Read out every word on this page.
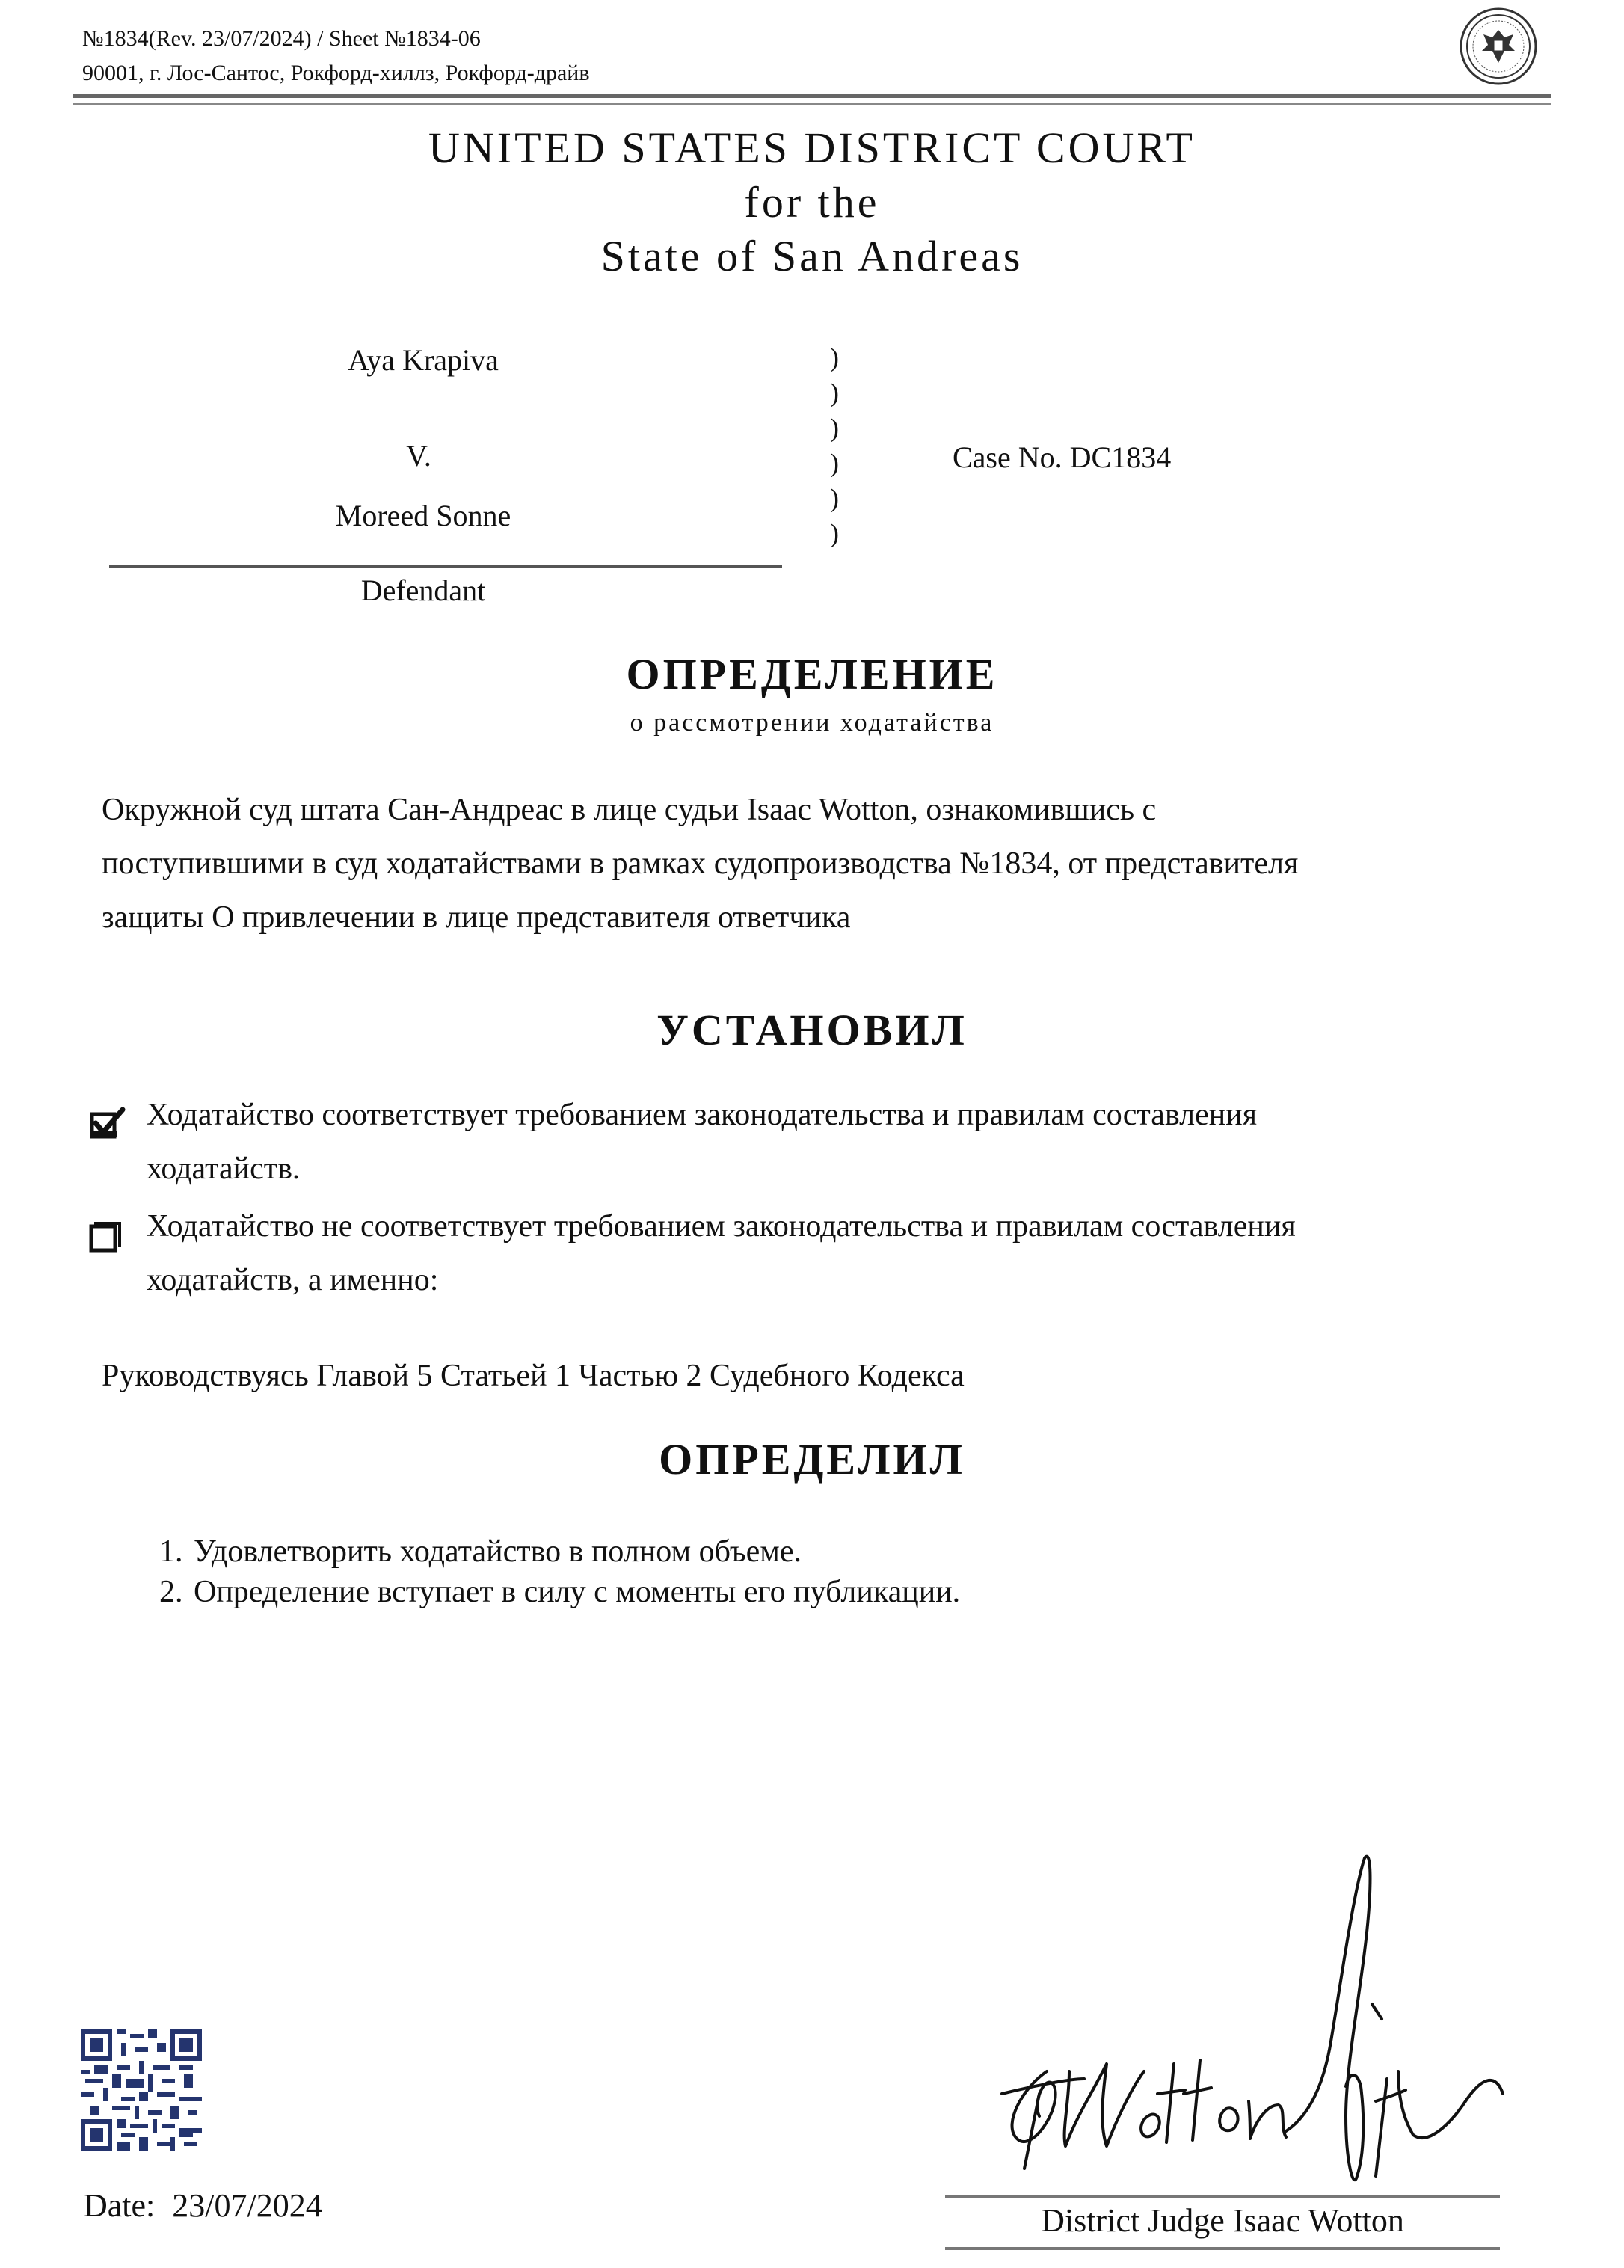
№1834(Rev. 23/07/2024) / Sheet №1834-06
90001, г. Лос-Сантос, Рокфорд-хиллз, Рокфорд-драйв
UNITED STATES DISTRICT COURT
for the
State of San Andreas
Aya Krapiva
V.
Moreed Sonne
Defendant
)
)
)
)
)
)
Case No. DC1834
ОПРЕДЕЛЕНИЕ
о рассмотрении ходатайства
Окружной суд штата Сан-Андреас в лице судьи Isaac Wotton, ознакомившись с
поступившими в суд ходатайствами в рамках судопроизводства №1834, от представителя
защиты О привлечении в лице представителя ответчика
УСТАНОВИЛ
Ходатайство соответствует требованием законодательства и правилам составления
ходатайств.
Ходатайство не соответствует требованием законодательства и правилам составления
ходатайств, а именно:
Руководствуясь Главой 5 Статьей 1 Частью 2 Судебного Кодекса
ОПРЕДЕЛИЛ
1. Удовлетворить ходатайство в полном объеме.
2. Определение вступает в силу с моменты его публикации.
Date: 23/07/2024	District Judge Isaac Wotton
